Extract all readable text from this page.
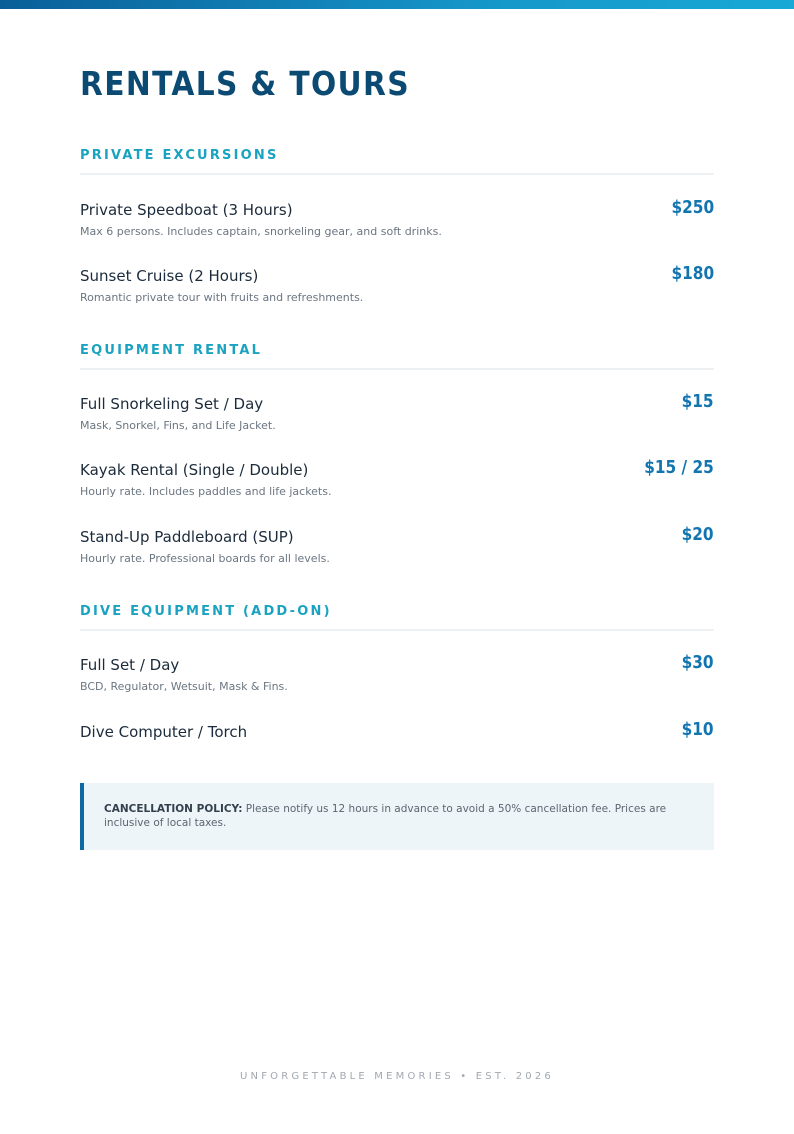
RENTALS & TOURS
PRIVATE EXCURSIONS
Private Speedboat (3 Hours)
Max 6 persons. Includes captain, snorkeling gear, and soft drinks.
$250
Sunset Cruise (2 Hours)
Romantic private tour with fruits and refreshments.
$180
EQUIPMENT RENTAL
Full Snorkeling Set / Day
Mask, Snorkel, Fins, and Life Jacket.
$15
Kayak Rental (Single / Double)
Hourly rate. Includes paddles and life jackets.
$15 / 25
Stand-Up Paddleboard (SUP)
Hourly rate. Professional boards for all levels.
$20
DIVE EQUIPMENT (ADD-ON)
Full Set / Day
BCD, Regulator, Wetsuit, Mask & Fins.
$30
Dive Computer / Torch	$10
CANCELLATION POLICY: Please notify us 12 hours in advance to avoid a 50% cancellation fee. Prices are inclusive of local taxes.
UNFORGETTABLE MEMORIES • EST. 2026
